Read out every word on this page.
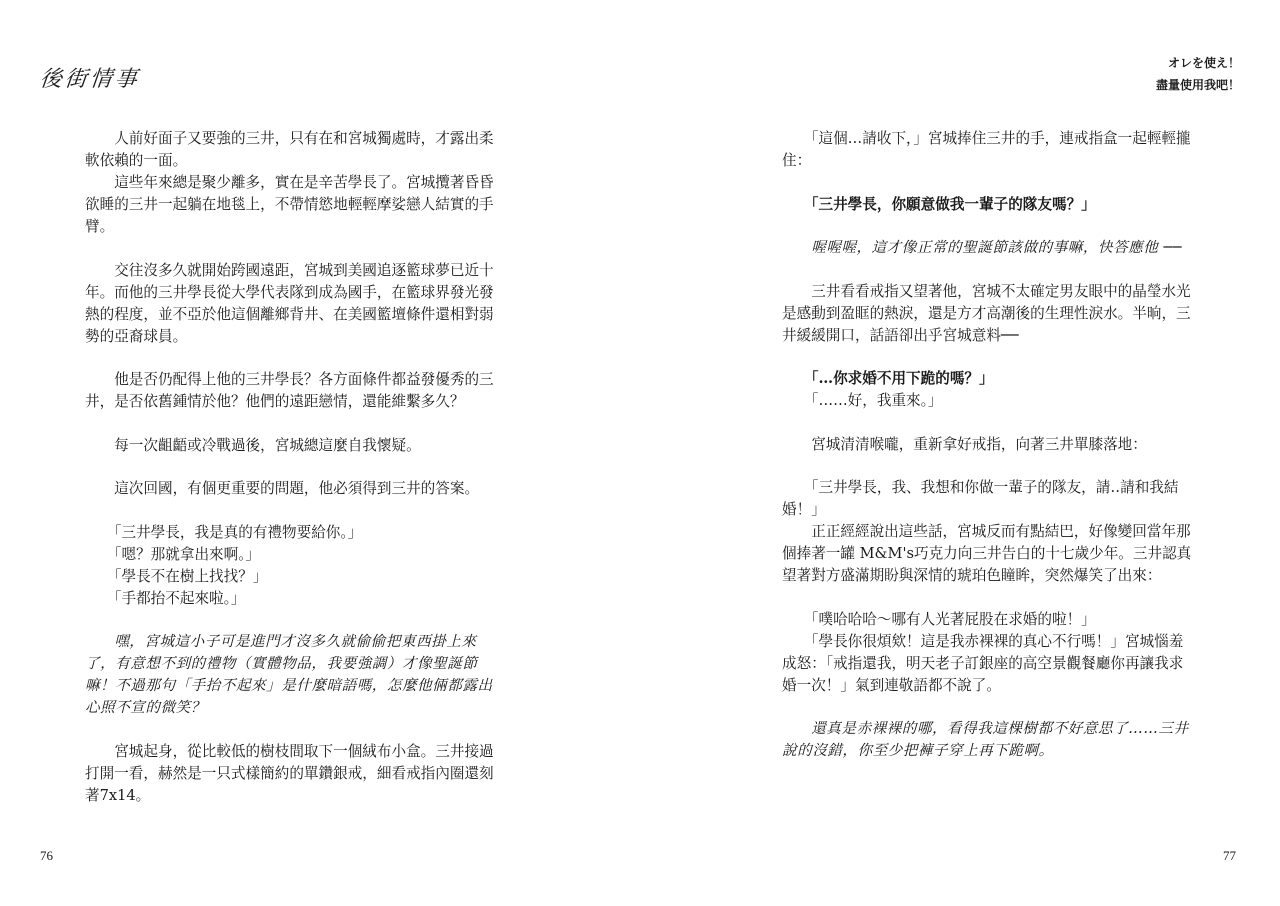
後街情事

人前好面子又要強的三井，只有在和宮城獨處時，才露出柔軟依賴的一面。

這些年來總是聚少離多，實在是辛苦學長了。宮城攬著昏昏欲睡的三井一起躺在地毯上，不帶情慾地輕輕摩娑戀人結實的手臂。

交往沒多久就開始跨國遠距，宮城到美國追逐籃球夢已近十年。而他的三井學長從大學代表隊到成為國手，在籃球界發光發熱的程度，並不亞於他這個離鄉背井、在美國籃壇條件還相對弱勢的亞裔球員。

他是否仍配得上他的三井學長？各方面條件都益發優秀的三井，是否依舊鍾情於他？他們的遠距戀情，還能維繫多久？

每一次齟齬或冷戰過後，宮城總這麼自我懷疑。

這次回國，有個更重要的問題，他必須得到三井的答案。

「三井學長，我是真的有禮物要給你。」

「嗯？那就拿出來啊。」

「學長不在樹上找找？」

「手都抬不起來啦。」

嘿，宮城這小子可是進門才沒多久就偷偷把東西掛上來了，有意想不到的禮物（實體物品，我要強調）才像聖誕節嘛！不過那句「手抬不起來」是什麼暗語嗎，怎麼他倆都露出心照不宣的微笑？

宮城起身，從比較低的樹枝間取下一個絨布小盒。三井接過打開一看，赫然是一只式樣簡約的單鑽銀戒，細看戒指內圈還刻著7x14。

76
オレを使え！
盡量使用我吧！

「這個…請收下，」宮城捧住三井的手，連戒指盒一起輕輕攏住：

「三井學長，你願意做我一輩子的隊友嗎？」

喔喔喔，這才像正常的聖誕節該做的事嘛，快答應他 ──

三井看看戒指又望著他，宮城不太確定男友眼中的晶瑩水光是感動到盈眶的熱淚，還是方才高潮後的生理性淚水。半晌，三井緩緩開口，話語卻出乎宮城意料──

「…你求婚不用下跪的嗎？」

「……好，我重來。」

宮城清清喉嚨，重新拿好戒指，向著三井單膝落地：

「三井學長，我、我想和你做一輩子的隊友，請‥請和我結婚！」

正正經經說出這些話，宮城反而有點結巴，好像變回當年那個捧著一罐 M&M's巧克力向三井告白的十七歲少年。三井認真望著對方盛滿期盼與深情的琥珀色瞳眸，突然爆笑了出來：

「噗哈哈哈～哪有人光著屁股在求婚的啦！」

「學長你很煩欸！這是我赤裸裸的真心不行嗎！」宮城惱羞成怒：「戒指還我，明天老子訂銀座的高空景觀餐廳你再讓我求婚一次！」氣到連敬語都不說了。

還真是赤裸裸的哪，看得我這棵樹都不好意思了……三井說的沒錯，你至少把褲子穿上再下跪啊。

77
